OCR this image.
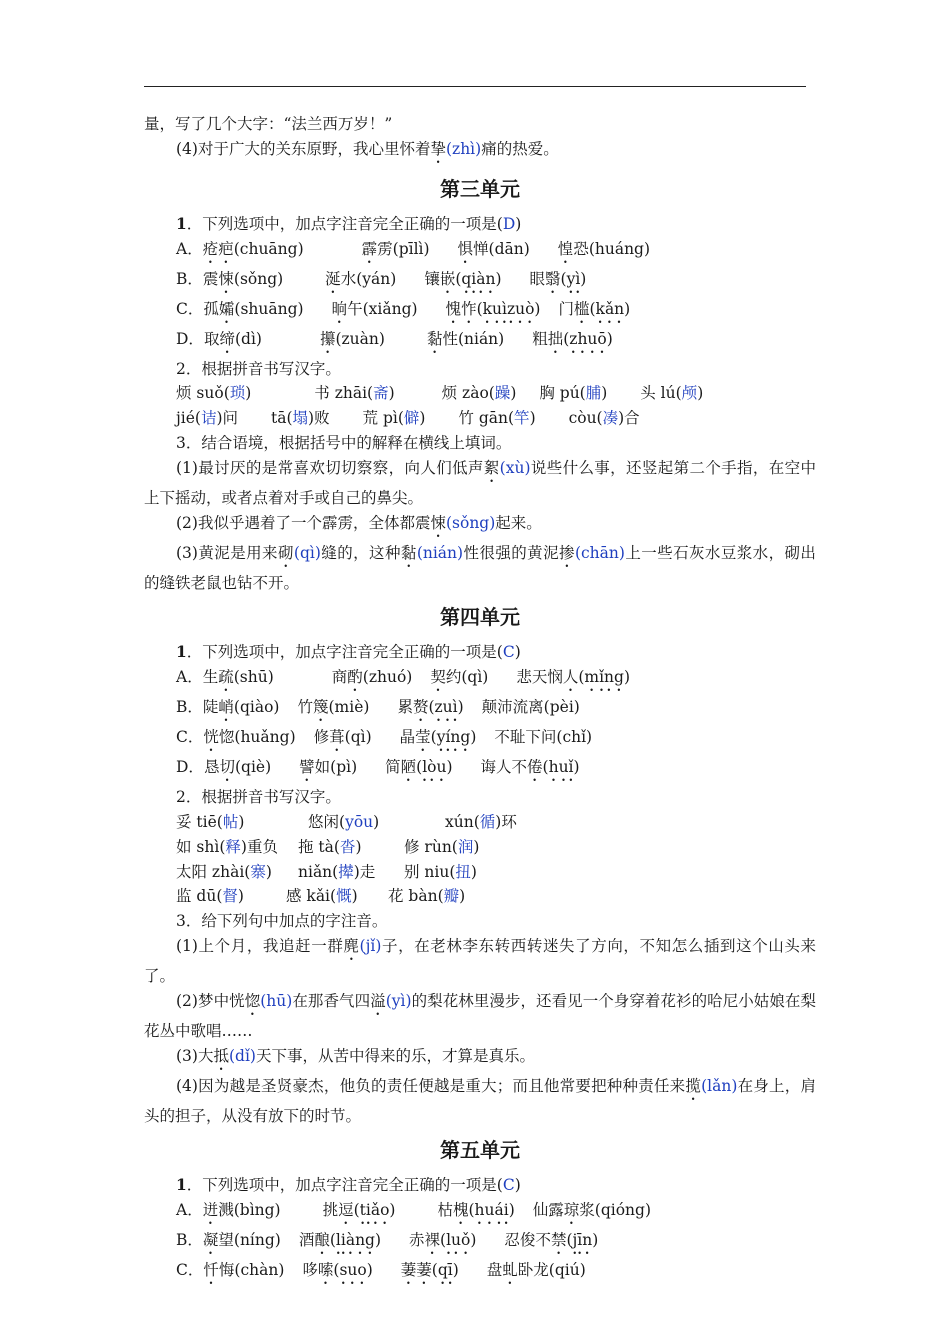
量，写了几个大字：“法兰西万岁！”
(4)对于广大的关东原野，我心里怀着挚(zhì)痛的热爱。
第三单元
1．下列选项中，加点字注音完全正确的一项是(D)
A．疮疤(chuāng)	霹雳(pīlì) 惧惮(dān) 惶恐(huáng)
B．震悚(sǒng)	涎水(yán) 镶嵌(qiàn) 眼翳(yì)
C．孤孀(shuāng) 晌午(xiǎng) 愧怍(kuìzuò) 门槛(kǎn)
D．取缔(dì)	攥(zuàn)	黏性(nián) 粗拙(zhuō)
2．根据拼音书写汉字。
烦 suǒ(琐)	书 zhāi(斋)	烦 zào(躁) 胸 pú(脯) 头 lú(颅)
jié(诘)问 tā(塌)败 荒 pì(僻) 竹 gān(竿) còu(凑)合
3．结合语境，根据括号中的解释在横线上填词。
(1)最讨厌的是常喜欢切切察察，向人们低声絮(xù)说些什么事，还竖起第二个手指，在空中上下摇动，或者点着对手或自己的鼻尖。
(2)我似乎遇着了一个霹雳，全体都震悚(sǒng)起来。
(3)黄泥是用来砌(qì)缝的，这种黏(nián)性很强的黄泥掺(chān)上一些石灰水豆浆水，砌出的缝铁老鼠也钻不开。
第四单元
1．下列选项中，加点字注音完全正确的一项是(C)
A．生疏(shū)	商酌(zhuó) 契约(qì) 悲天悯人(mǐng)
B．陡峭(qiào) 竹篾(miè) 累赘(zuì) 颠沛流离(pèi)
C．恍惚(huǎng) 修葺(qì) 晶莹(yíng) 不耻下问(chǐ)
D．恳切(qiè) 譬如(pì) 简陋(lòu) 诲人不倦(huǐ)
2．根据拼音书写汉字。
妥 tiē(帖)	悠闲(yōu)	xún(循)环
如 shì(释)重负 拖 tà(沓)	修 rùn(润)
太阳 zhài(寨) niǎn(撵)走 别 niu(扭)
监 dū(督)	感 kǎi(慨) 花 bàn(瓣)
3．给下列句中加点的字注音。
(1)上个月，我追赶一群麂(jǐ)子，在老林李东转西转迷失了方向，不知怎么插到这个山头来了。
(2)梦中恍惚(hū)在那香气四溢(yì)的梨花林里漫步，还看见一个身穿着花衫的哈尼小姑娘在梨花丛中歌唱……
(3)大抵(dǐ)天下事，从苦中得来的乐，才算是真乐。
(4)因为越是圣贤豪杰，他负的责任便越是重大；而且他常要把种种责任来揽(lǎn)在身上，肩头的担子，从没有放下的时节。
第五单元
1．下列选项中，加点字注音完全正确的一项是(C)
A．迸溅(bìng)	挑逗(tiǎo)	枯槐(huái) 仙露琼浆(qióng)
B．凝望(níng) 酒酿(liàng) 赤裸(luǒ) 忍俊不禁(jīn)
C．忏悔(chàn) 哆嗦(suo) 萋萋(qī) 盘虬卧龙(qiú)
